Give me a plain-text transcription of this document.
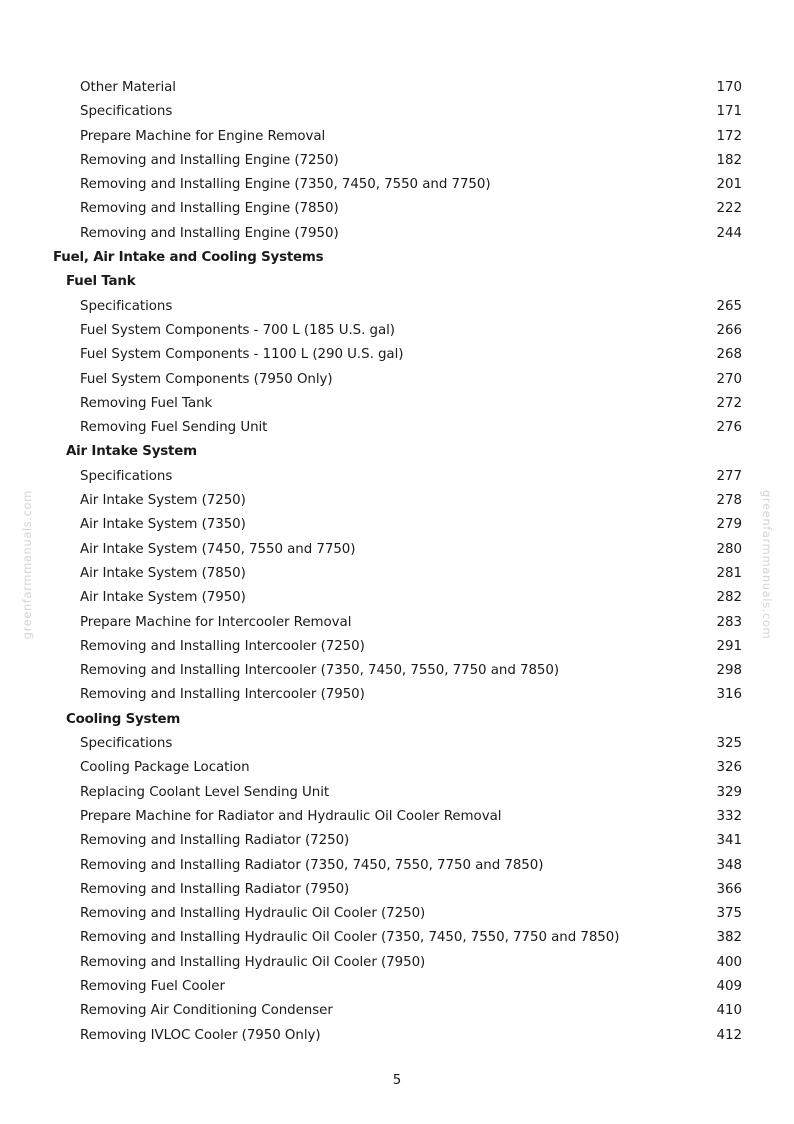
greenfarmmanuals.com	greenfarmmanuals.com
Other Material	170
Specifications	171
Prepare Machine for Engine Removal	172
Removing and Installing Engine (7250)	182
Removing and Installing Engine (7350, 7450, 7550 and 7750)	201
Removing and Installing Engine (7850)	222
Removing and Installing Engine (7950)	244
Fuel, Air Intake and Cooling Systems
Fuel Tank
Specifications	265
Fuel System Components - 700 L (185 U.S. gal)	266
Fuel System Components - 1100 L (290 U.S. gal)	268
Fuel System Components (7950 Only)	270
Removing Fuel Tank	272
Removing Fuel Sending Unit	276
Air Intake System
Specifications	277
Air Intake System (7250)	278
Air Intake System (7350)	279
Air Intake System (7450, 7550 and 7750)	280
Air Intake System (7850)	281
Air Intake System (7950)	282
Prepare Machine for Intercooler Removal	283
Removing and Installing Intercooler (7250)	291
Removing and Installing Intercooler (7350, 7450, 7550, 7750 and 7850)	298
Removing and Installing Intercooler (7950)	316
Cooling System
Specifications	325
Cooling Package Location	326
Replacing Coolant Level Sending Unit	329
Prepare Machine for Radiator and Hydraulic Oil Cooler Removal	332
Removing and Installing Radiator (7250)	341
Removing and Installing Radiator (7350, 7450, 7550, 7750 and 7850)	348
Removing and Installing Radiator (7950)	366
Removing and Installing Hydraulic Oil Cooler (7250)	375
Removing and Installing Hydraulic Oil Cooler (7350, 7450, 7550, 7750 and 7850)	382
Removing and Installing Hydraulic Oil Cooler (7950)	400
Removing Fuel Cooler	409
Removing Air Conditioning Condenser	410
Removing IVLOC Cooler (7950 Only)	412
5
